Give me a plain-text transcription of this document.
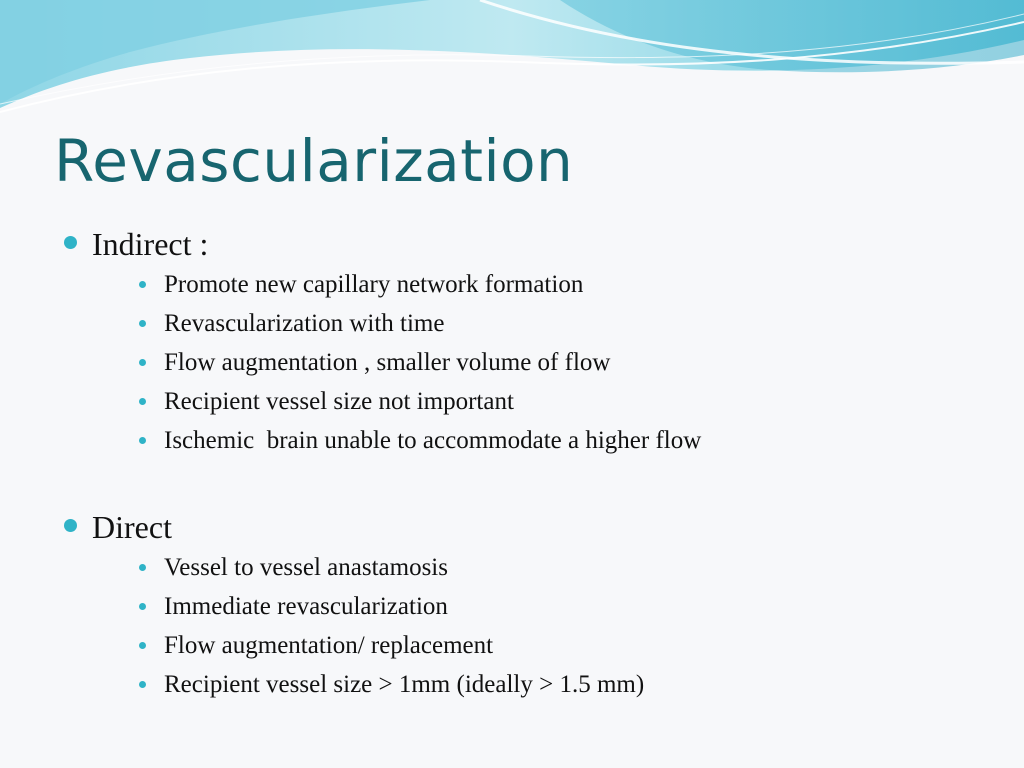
Revascularization
Indirect :
Promote new capillary network formation
Revascularization with time
Flow augmentation , smaller volume of flow
Recipient vessel size not important
Ischemic  brain unable to accommodate a higher flow
Direct
Vessel to vessel anastamosis
Immediate revascularization
Flow augmentation/ replacement
Recipient vessel size > 1mm (ideally > 1.5 mm)
